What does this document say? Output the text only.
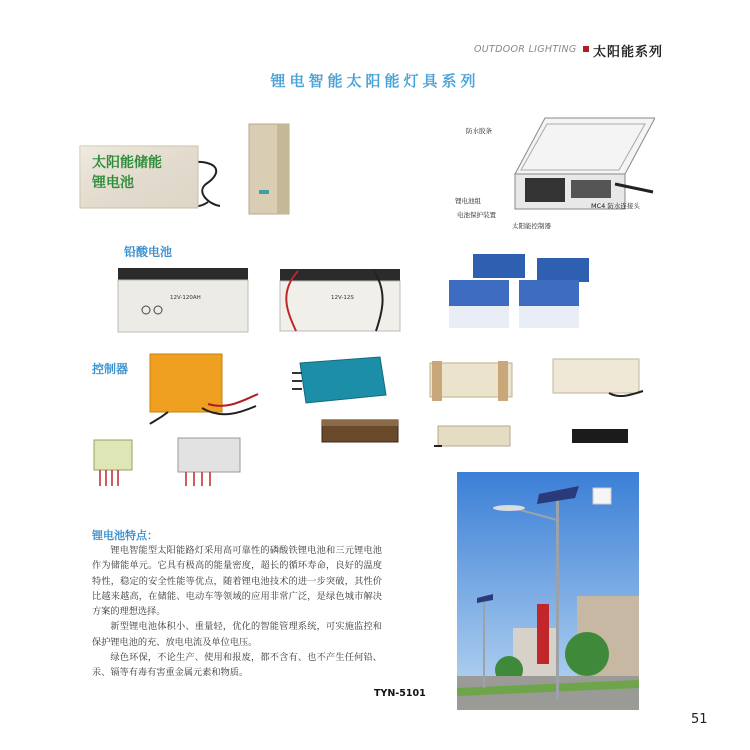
OUTDOOR LIGHTING 太阳能系列
锂电智能太阳能灯具系列
太阳能储能
锂电池
防水胶条
锂电池组
电池保护装置
太阳能控制器
MC4 防水连接头
铅酸电池
12V-120AH	12V-12S
控制器
锂电池特点：

锂电智能型太阳能路灯采用高可靠性的磷酸铁锂电池和三元锂电池作为储能单元。它具有极高的能量密度，超长的循环寿命，良好的温度特性，稳定的安全性能等优点，随着锂电池技术的进一步突破，其性价比越来越高，在储能、电动车等领域的应用非常广泛，是绿色城市解决方案的理想选择。

新型锂电池体积小、重量轻，优化的智能管理系统，可实施监控和保护锂电池的充、放电电流及单位电压。

绿色环保，不论生产、使用和报废，都不含有、也不产生任何铅、汞、镉等有毒有害重金属元素和物质。

TYN-5101
51
